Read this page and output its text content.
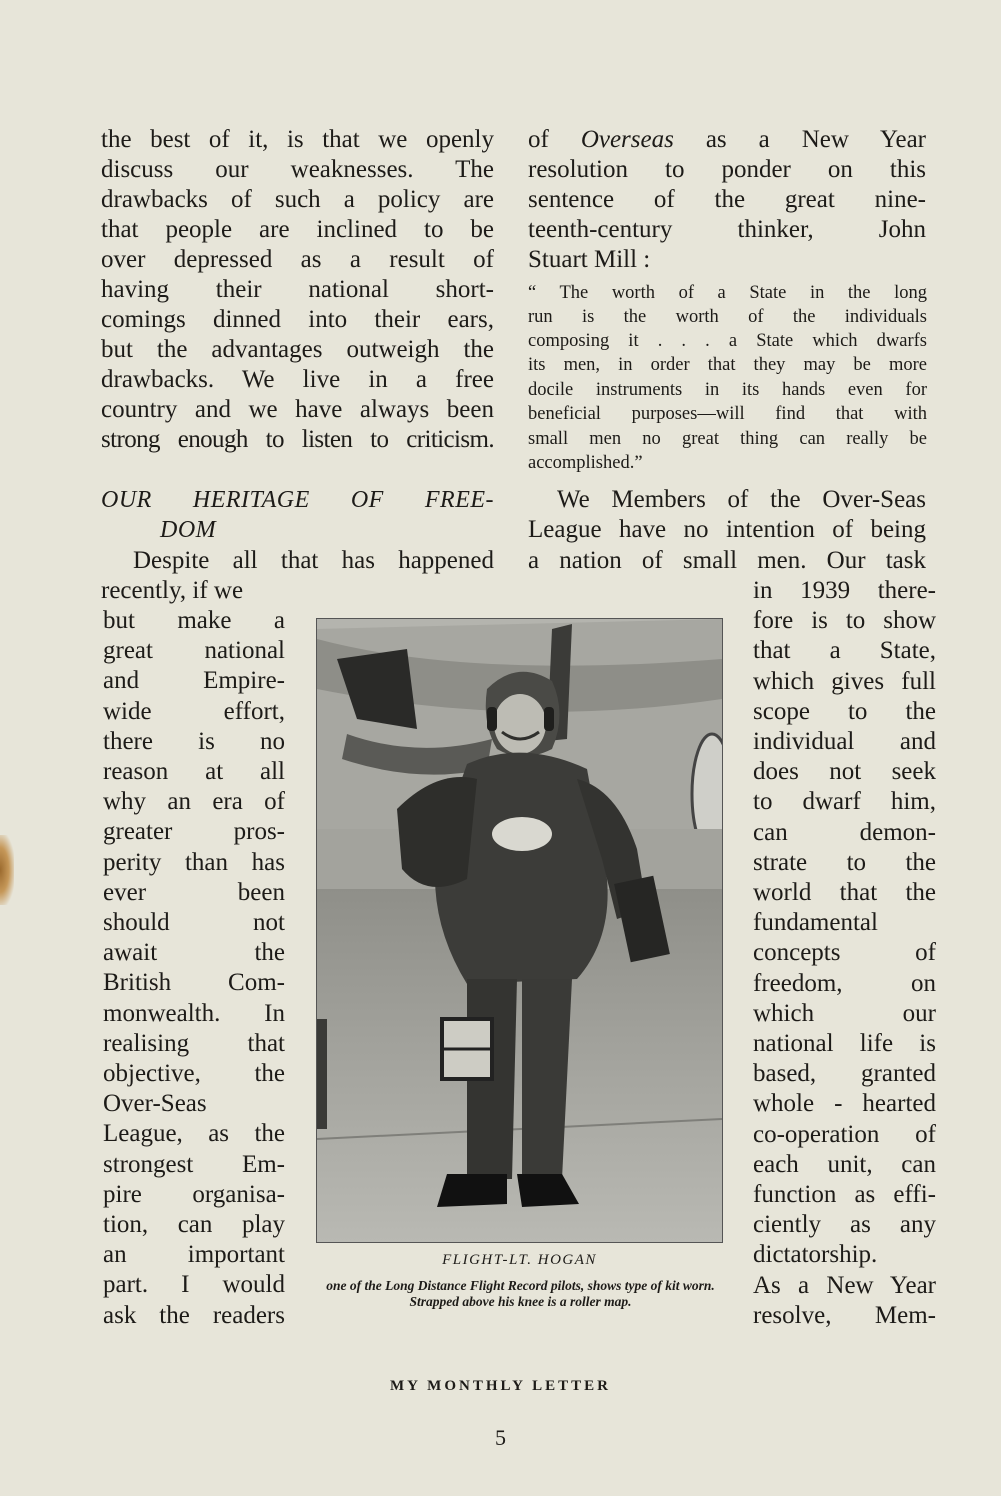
the best of it, is that we openly
discuss our weaknesses. The
drawbacks of such a policy are
that people are inclined to be
over depressed as a result of
having their national short-
comings dinned into their ears,
but the advantages outweigh the
drawbacks. We live in a free
country and we have always been
strong enough to listen to criticism.
OUR HERITAGE OF FREE-
DOM
Despite all that has happened
recently, if we
but make a
great national
and Empire-
wide effort,
there is no
reason at all
why an era of
greater pros-
perity than has
ever been
should not
await the
British Com-
monwealth. In
realising that
objective, the
Over-Seas
League, as the
strongest Em-
pire organisa-
tion, can play
an important
part. I would
ask the readers
of Overseas as a New Year
resolution to ponder on this
sentence of the great nine-
teenth-century thinker, John
Stuart Mill :
“ The worth of a State in the long
run is the worth of the individuals
composing it . . . a State which dwarfs
its men, in order that they may be more
docile instruments in its hands even for
beneficial purposes—will find that with
small men no great thing can really be
accomplished.”
We Members of the Over-Seas
League have no intention of being
a nation of small men. Our task
in 1939 there-
fore is to show
that a State,
which gives full
scope to the
individual and
does not seek
to dwarf him,
can demon-
strate to the
world that the
fundamental
concepts of
freedom, on
which our
national life is
based, granted
whole - hearted
co-operation of
each unit, can
function as effi-
ciently as any
dictatorship.
As a New Year
resolve, Mem-
FLIGHT-LT. HOGAN
one of the Long Distance Flight Record pilots, shows type of kit worn. Strapped above his knee is a roller map.
MY MONTHLY LETTER
5
